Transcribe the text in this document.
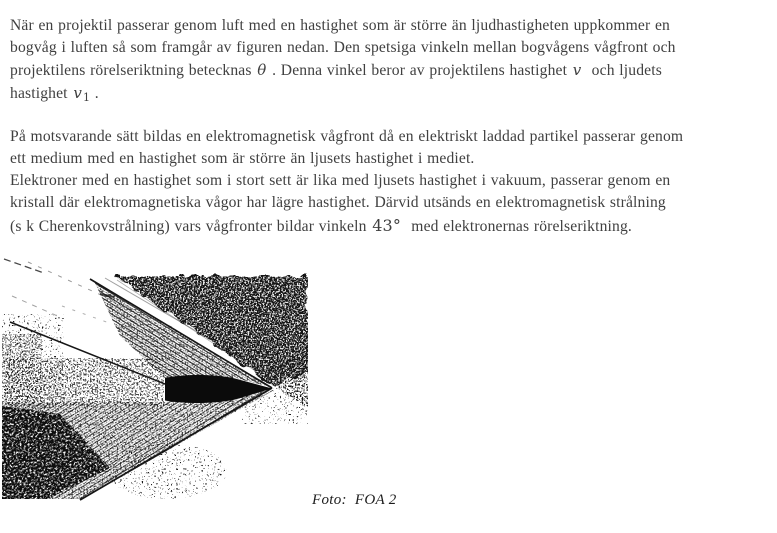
När en projektil passerar genom luft med en hastighet som är större än ljudhastigheten uppkommer en
bogvåg i luften så som framgår av figuren nedan. Den spetsiga vinkeln mellan bogvågens vågfront och
projektilens rörelseriktning betecknas θ . Denna vinkel beror av projektilens hastighet v  och ljudets
hastighet v1 .
På motsvarande sätt bildas en elektromagnetisk vågfront då en elektriskt laddad partikel passerar genom
ett medium med en hastighet som är större än ljusets hastighet i mediet.
Elektroner med en hastighet som i stort sett är lika med ljusets hastighet i vakuum, passerar genom en
kristall där elektromagnetiska vågor har lägre hastighet. Därvid utsänds en elektromagnetisk strålning
(s k Cherenkovstrålning) vars vågfronter bildar vinkeln 43°  med elektronernas rörelseriktning.
Foto:  FOA 2
